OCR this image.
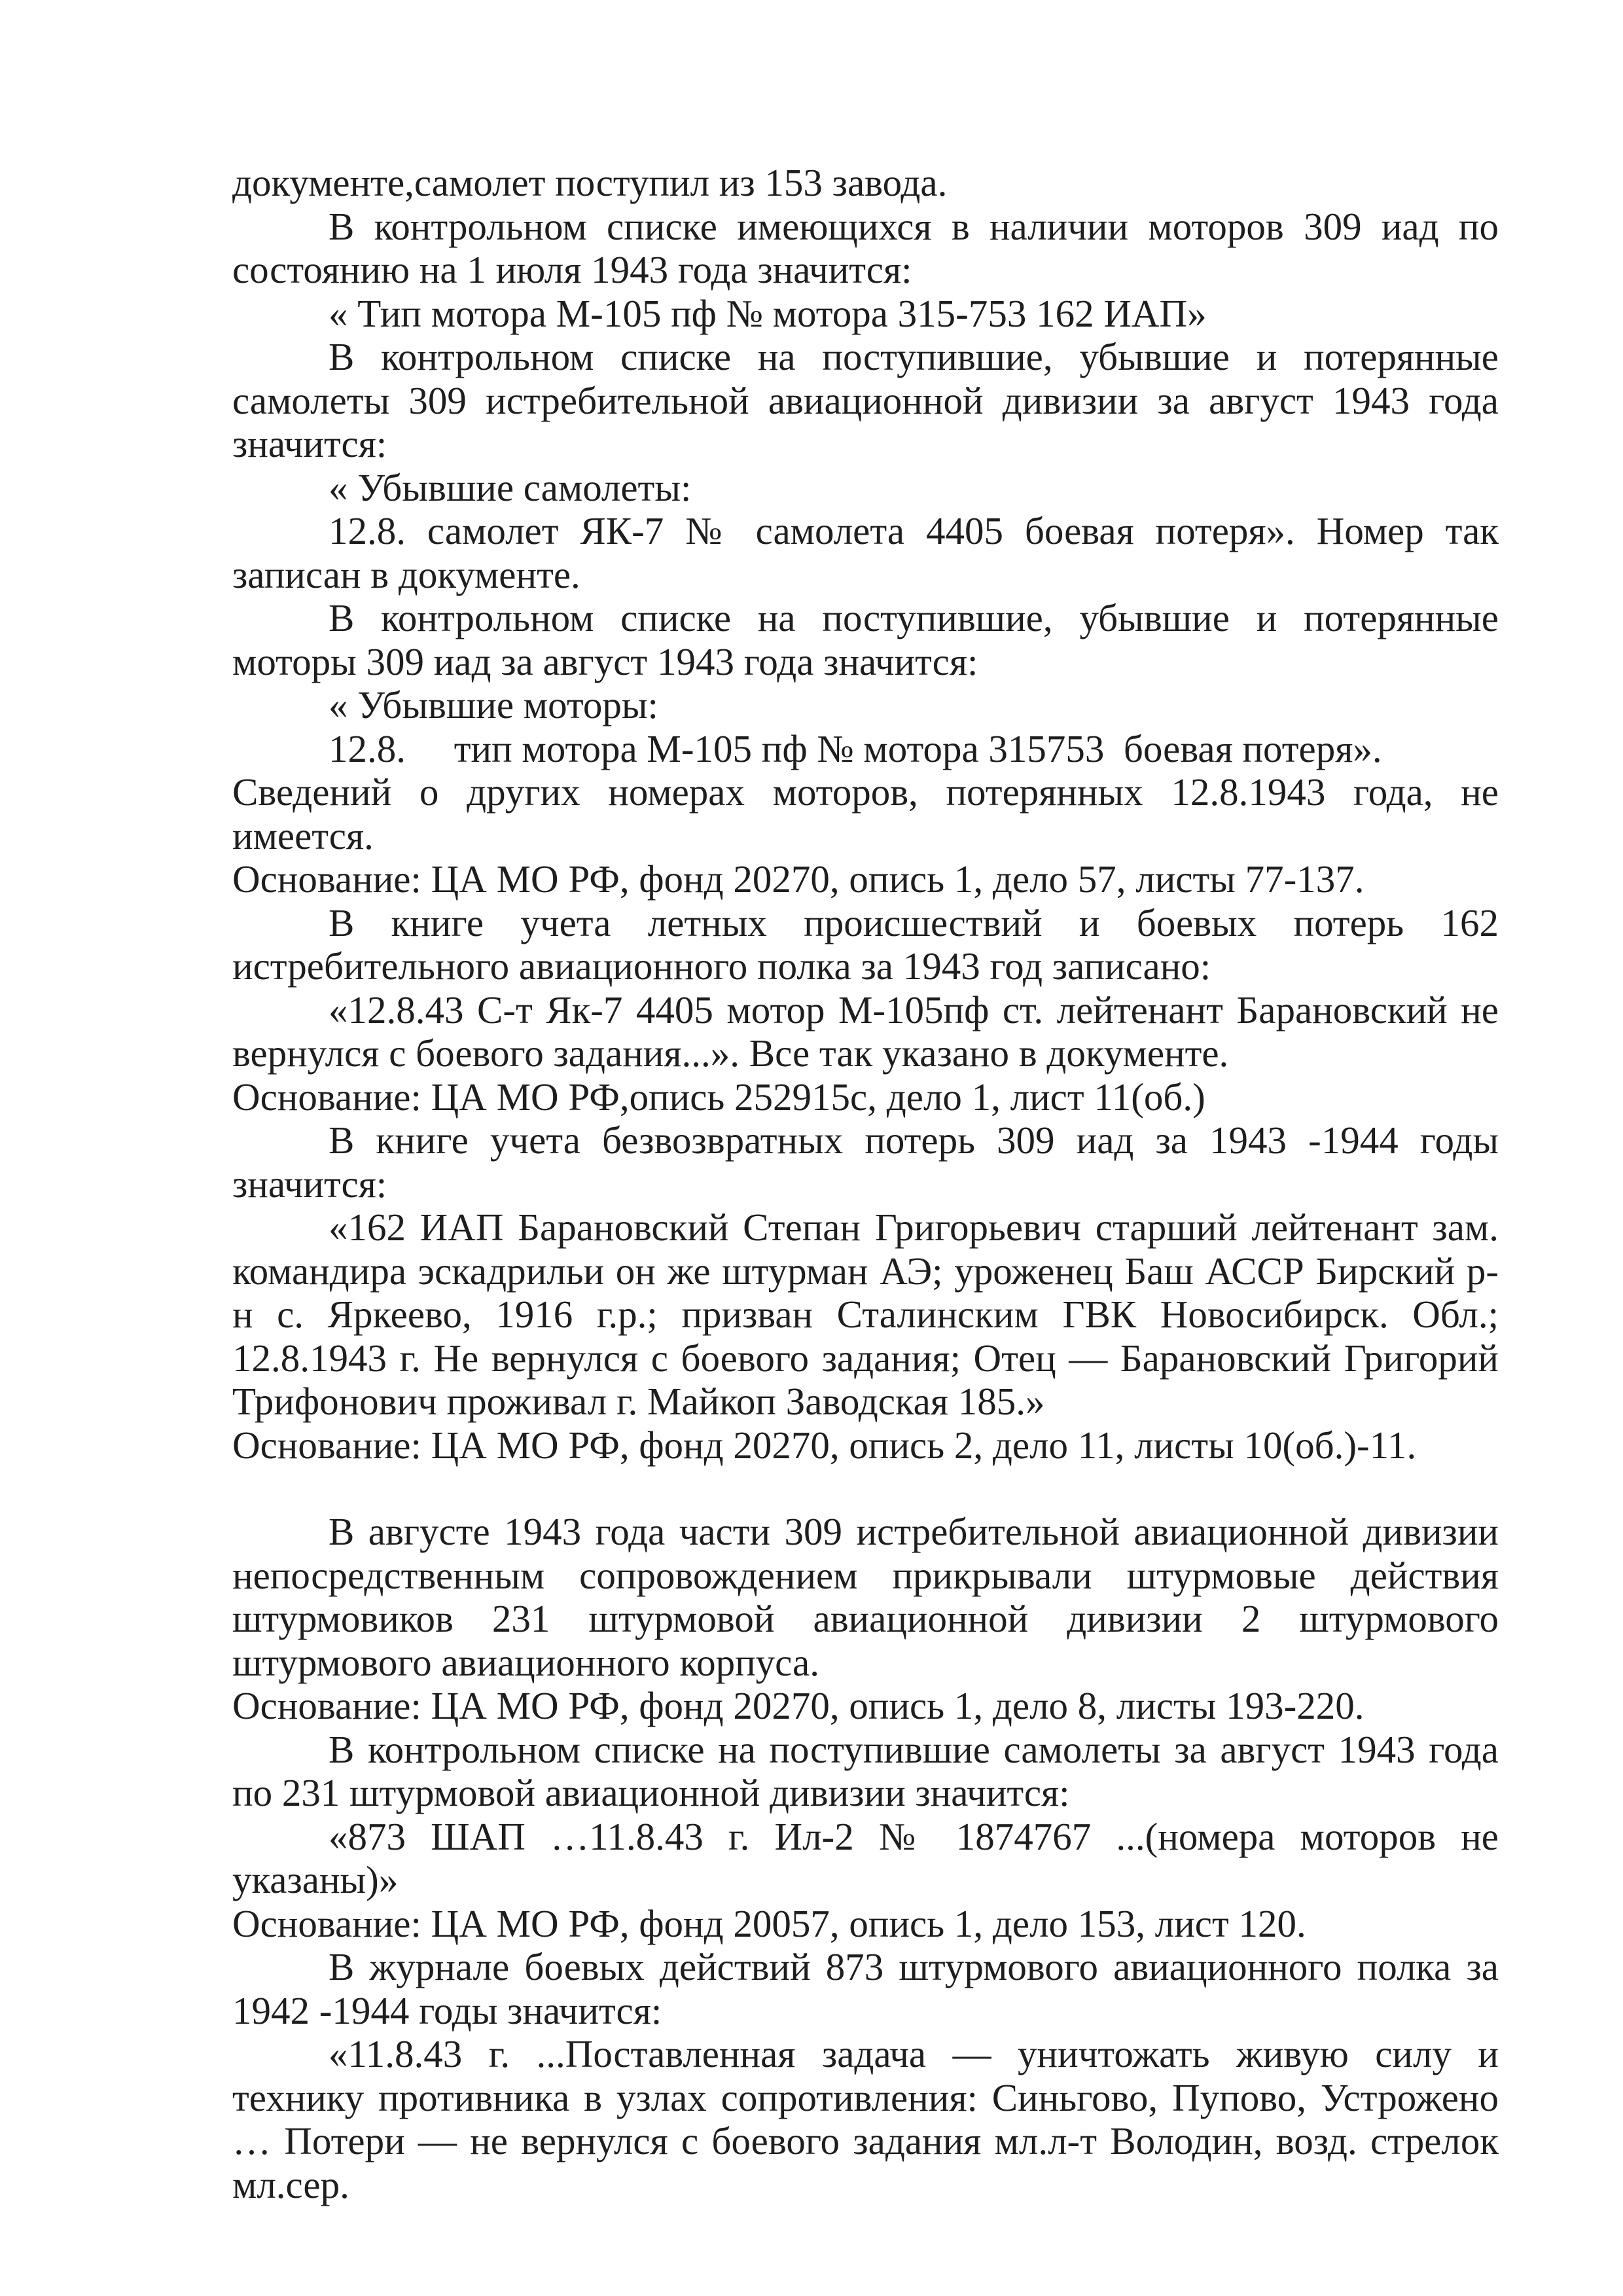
документе,самолет поступил из 153 завода.

В контрольном списке имеющихся в наличии моторов 309 иад по состоянию на 1 июля 1943 года значится:

« Тип мотора М-105 пф № мотора 315-753 162 ИАП»

В контрольном списке на поступившие, убывшие и потерянные самолеты 309 истребительной авиационной дивизии за август 1943 года значится:

« Убывшие самолеты:

12.8. самолет ЯК-7 № самолета 4405 боевая потеря». Номер так записан в документе.

В контрольном списке на поступившие, убывшие и потерянные моторы 309 иад за август 1943 года значится:

« Убывшие моторы:

12.8.     тип мотора М-105 пф № мотора 315753  боевая потеря».

Сведений о других номерах моторов, потерянных 12.8.1943 года, не имеется.

Основание: ЦА МО РФ, фонд 20270, опись 1, дело 57, листы 77-137.

В книге учета летных происшествий и боевых потерь 162 истребительного авиационного полка за 1943 год записано:

«12.8.43 С-т Як-7 4405 мотор М-105пф ст. лейтенант Барановский не вернулся с боевого задания...». Все так указано в документе.

Основание: ЦА МО РФ,опись 252915с, дело 1, лист 11(об.)

В книге учета безвозвратных потерь 309 иад за 1943 -1944 годы значится:

«162 ИАП Барановский Степан Григорьевич старший лейтенант зам. командира эскадрильи он же штурман АЭ; уроженец Баш АССР Бирский р-н с. Яркеево, 1916 г.р.; призван Сталинским ГВК Новосибирск. Обл.; 12.8.1943 г. Не вернулся с боевого задания; Отец — Барановский Григорий Трифонович проживал г. Майкоп Заводская 185.»

Основание: ЦА МО РФ, фонд 20270, опись 2, дело 11, листы 10(об.)-11.

В августе 1943 года части 309 истребительной авиационной дивизии непосредственным сопровождением прикрывали штурмовые действия штурмовиков 231 штурмовой авиационной дивизии 2 штурмового штурмового авиационного корпуса.

Основание: ЦА МО РФ, фонд 20270, опись 1, дело 8, листы 193-220.

В контрольном списке на поступившие самолеты за август 1943 года по 231 штурмовой авиационной дивизии значится:

«873 ШАП …11.8.43 г. Ил-2 № 1874767 ...(номера моторов не указаны)»

Основание: ЦА МО РФ, фонд 20057, опись 1, дело 153, лист 120.

В журнале боевых действий 873 штурмового авиационного полка за 1942 -1944 годы значится:

«11.8.43 г. ...Поставленная задача — уничтожать живую силу и технику противника в узлах сопротивления: Синьгово, Пупово, Устрожено … Потери — не вернулся с боевого задания мл.л-т Володин, возд. стрелок мл.сер.
